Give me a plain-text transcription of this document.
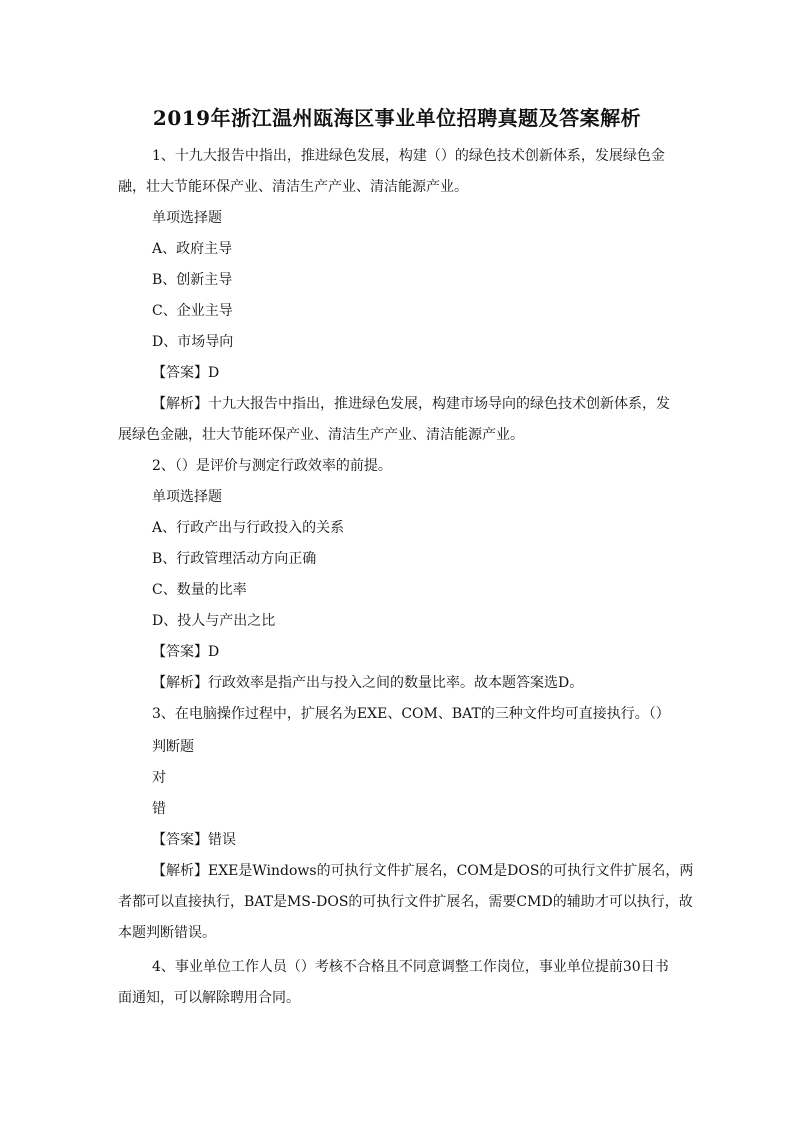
2019年浙江温州瓯海区事业单位招聘真题及答案解析
1、十九大报告中指出，推进绿色发展，构建（）的绿色技术创新体系，发展绿色金
融，壮大节能环保产业、清洁生产产业、清洁能源产业。
单项选择题
A、政府主导
B、创新主导
C、企业主导
D、市场导向
【答案】D
【解析】十九大报告中指出，推进绿色发展，构建市场导向的绿色技术创新体系，发
展绿色金融，壮大节能环保产业、清洁生产产业、清洁能源产业。
2、（）是评价与测定行政效率的前提。
单项选择题
A、行政产出与行政投入的关系
B、行政管理活动方向正确
C、数量的比率
D、投人与产出之比
【答案】D
【解析】行政效率是指产出与投入之间的数量比率。故本题答案选D。
3、在电脑操作过程中，扩展名为EXE、COM、BAT的三种文件均可直接执行。（）
判断题
对
错
【答案】错误
【解析】EXE是Windows的可执行文件扩展名，COM是DOS的可执行文件扩展名，两
者都可以直接执行，BAT是MS-DOS的可执行文件扩展名，需要CMD的辅助才可以执行，故
本题判断错误。
4、事业单位工作人员（）考核不合格且不同意调整工作岗位，事业单位提前30日书
面通知，可以解除聘用合同。
